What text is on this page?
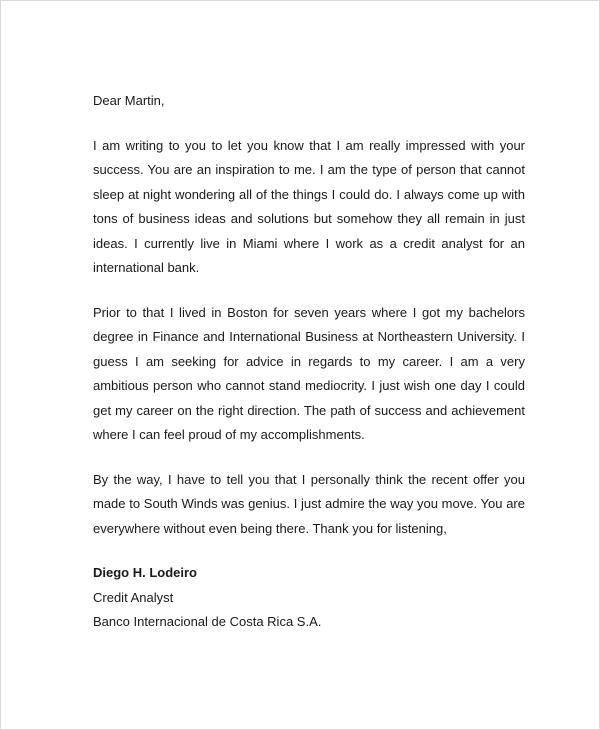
Dear Martin,

I am writing to you to let you know that I am really impressed with your success. You are an inspiration to me. I am the type of person that cannot sleep at night wondering all of the things I could do. I always come up with tons of business ideas and solutions but somehow they all remain in just ideas. I currently live in Miami where I work as a credit analyst for an international bank.

Prior to that I lived in Boston for seven years where I got my bachelors degree in Finance and International Business at Northeastern University. I guess I am seeking for advice in regards to my career. I am a very ambitious person who cannot stand mediocrity. I just wish one day I could get my career on the right direction. The path of success and achievement where I can feel proud of my accomplishments.

By the way, I have to tell you that I personally think the recent offer you made to South Winds was genius. I just admire the way you move. You are everywhere without even being there. Thank you for listening,

Diego H. Lodeiro
Credit Analyst
Banco Internacional de Costa Rica S.A.
